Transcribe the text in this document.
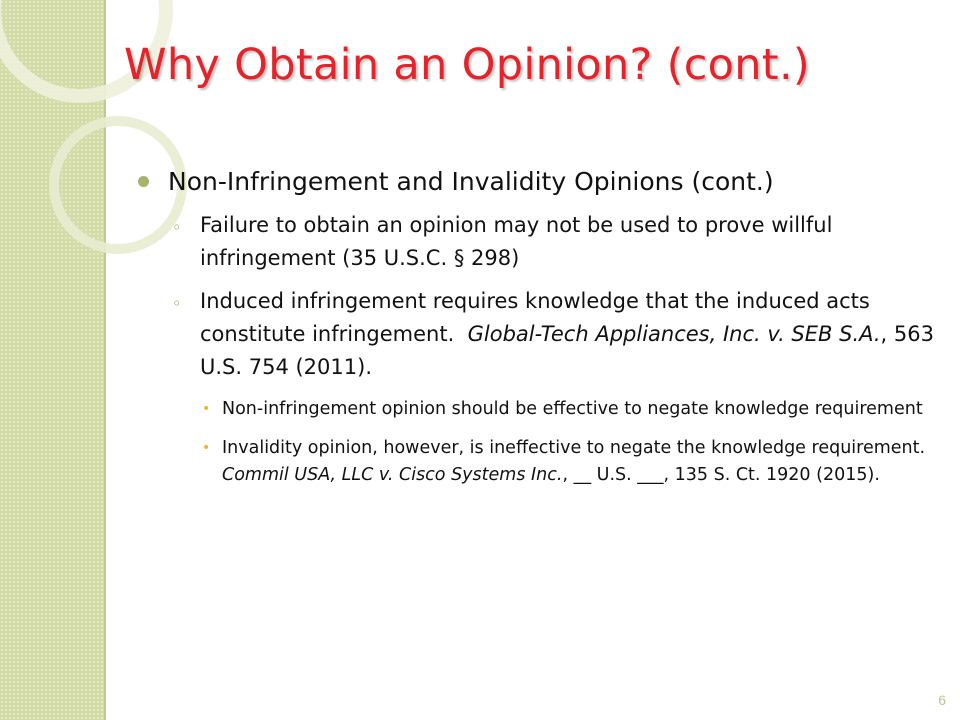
Why Obtain an Opinion? (cont.)
Non-Infringement and Invalidity Opinions (cont.)
◦ Failure to obtain an opinion may not be used to prove willful infringement (35 U.S.C. § 298)
◦ Induced infringement requires knowledge that the induced acts constitute infringement. Global-Tech Appliances, Inc. v. SEB S.A., 563 U.S. 754 (2011).
• Non-infringement opinion should be effective to negate knowledge requirement
• Invalidity opinion, however, is ineffective to negate the knowledge requirement.  Commil USA, LLC v. Cisco Systems Inc., __ U.S. ___, 135 S. Ct. 1920 (2015).
6
